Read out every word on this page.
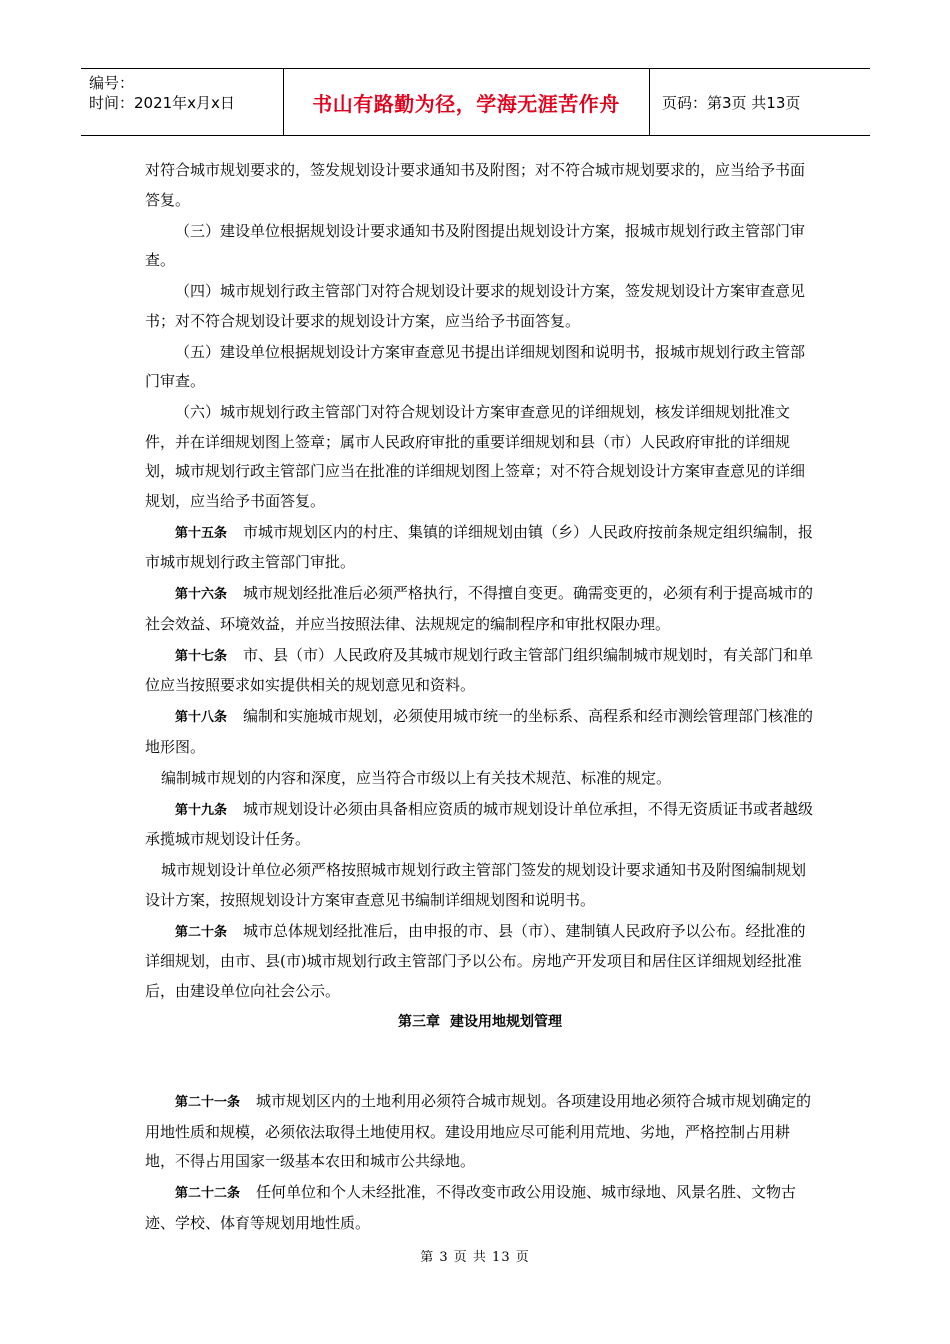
编号：
时间：2021年x月x日	书山有路勤为径，学海无涯苦作舟	页码：第3页 共13页

对符合城市规划要求的，签发规划设计要求通知书及附图；对不符合城市规划要求的，应当给予书面答复。

（三）建设单位根据规划设计要求通知书及附图提出规划设计方案，报城市规划行政主管部门审查。

（四）城市规划行政主管部门对符合规划设计要求的规划设计方案，签发规划设计方案审查意见书；对不符合规划设计要求的规划设计方案，应当给予书面答复。

（五）建设单位根据规划设计方案审查意见书提出详细规划图和说明书，报城市规划行政主管部门审查。

（六）城市规划行政主管部门对符合规划设计方案审查意见的详细规划，核发详细规划批准文件，并在详细规划图上签章；属市人民政府审批的重要详细规划和县（市）人民政府审批的详细规划，城市规划行政主管部门应当在批准的详细规划图上签章；对不符合规划设计方案审查意见的详细规划，应当给予书面答复。

第十五条 市城市规划区内的村庄、集镇的详细规划由镇（乡）人民政府按前条规定组织编制，报市城市规划行政主管部门审批。

第十六条 城市规划经批准后必须严格执行，不得擅自变更。确需变更的，必须有利于提高城市的社会效益、环境效益，并应当按照法律、法规规定的编制程序和审批权限办理。

第十七条 市、县（市）人民政府及其城市规划行政主管部门组织编制城市规划时，有关部门和单位应当按照要求如实提供相关的规划意见和资料。

第十八条 编制和实施城市规划，必须使用城市统一的坐标系、高程系和经市测绘管理部门核准的地形图。

编制城市规划的内容和深度，应当符合市级以上有关技术规范、标准的规定。

第十九条 城市规划设计必须由具备相应资质的城市规划设计单位承担，不得无资质证书或者越级承揽城市规划设计任务。

城市规划设计单位必须严格按照城市规划行政主管部门签发的规划设计要求通知书及附图编制规划设计方案，按照规划设计方案审查意见书编制详细规划图和说明书。

第二十条 城市总体规划经批准后，由申报的市、县（市）、建制镇人民政府予以公布。经批准的详细规划，由市、县(市)城市规划行政主管部门予以公布。房地产开发项目和居住区详细规划经批准后，由建设单位向社会公示。

第三章 建设用地规划管理

第二十一条 城市规划区内的土地利用必须符合城市规划。各项建设用地必须符合城市规划确定的用地性质和规模，必须依法取得土地使用权。建设用地应尽可能利用荒地、劣地，严格控制占用耕地，不得占用国家一级基本农田和城市公共绿地。

第二十二条 任何单位和个人未经批准，不得改变市政公用设施、城市绿地、风景名胜、文物古迹、学校、体育等规划用地性质。

第 3 页 共 13 页
